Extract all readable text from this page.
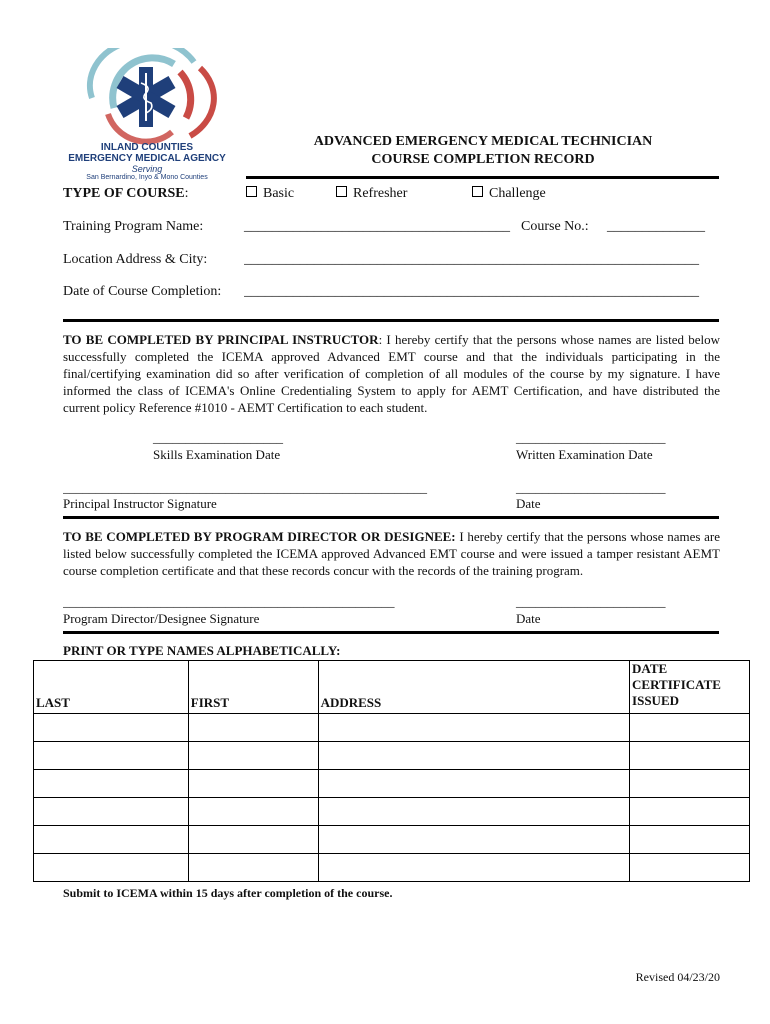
INLAND COUNTIES
EMERGENCY MEDICAL AGENCY
Serving
San Bernardino, Inyo & Mono Counties
ADVANCED EMERGENCY MEDICAL TECHNICIAN
COURSE COMPLETION RECORD
TYPE OF COURSE:	Basic	Refresher	Challenge
Training Program Name:	______________________________________ Course No.: ______________
Location Address & City:	_________________________________________________________________
Date of Course Completion: _________________________________________________________________
TO BE COMPLETED BY PRINCIPAL INSTRUCTOR: I hereby certify that the persons whose names are listed below successfully completed the ICEMA approved Advanced EMT course and that the individuals participating in the final/certifying examination did so after verification of completion of all modules of the course by my signature. I have informed the class of ICEMA's Online Credentialing System to apply for AEMT Certification, and have distributed the current policy Reference #1010 - AEMT Certification to each student.
____________________
Skills Examination Date
_______________________
Written Examination Date
________________________________________________________
Principal Instructor Signature
_______________________
Date
TO BE COMPLETED BY PROGRAM DIRECTOR OR DESIGNEE: I hereby certify that the persons whose names are listed below successfully completed the ICEMA approved Advanced EMT course and were issued a tamper resistant AEMT course completion certificate and that these records concur with the records of the training program.
___________________________________________________
Program Director/Designee Signature
_______________________
Date
PRINT OR TYPE NAMES ALPHABETICALLY:
LAST	FIRST	ADDRESS	DATE
CERTIFICATE
ISSUED

Submit to ICEMA within 15 days after completion of the course.
Revised 04/23/20
